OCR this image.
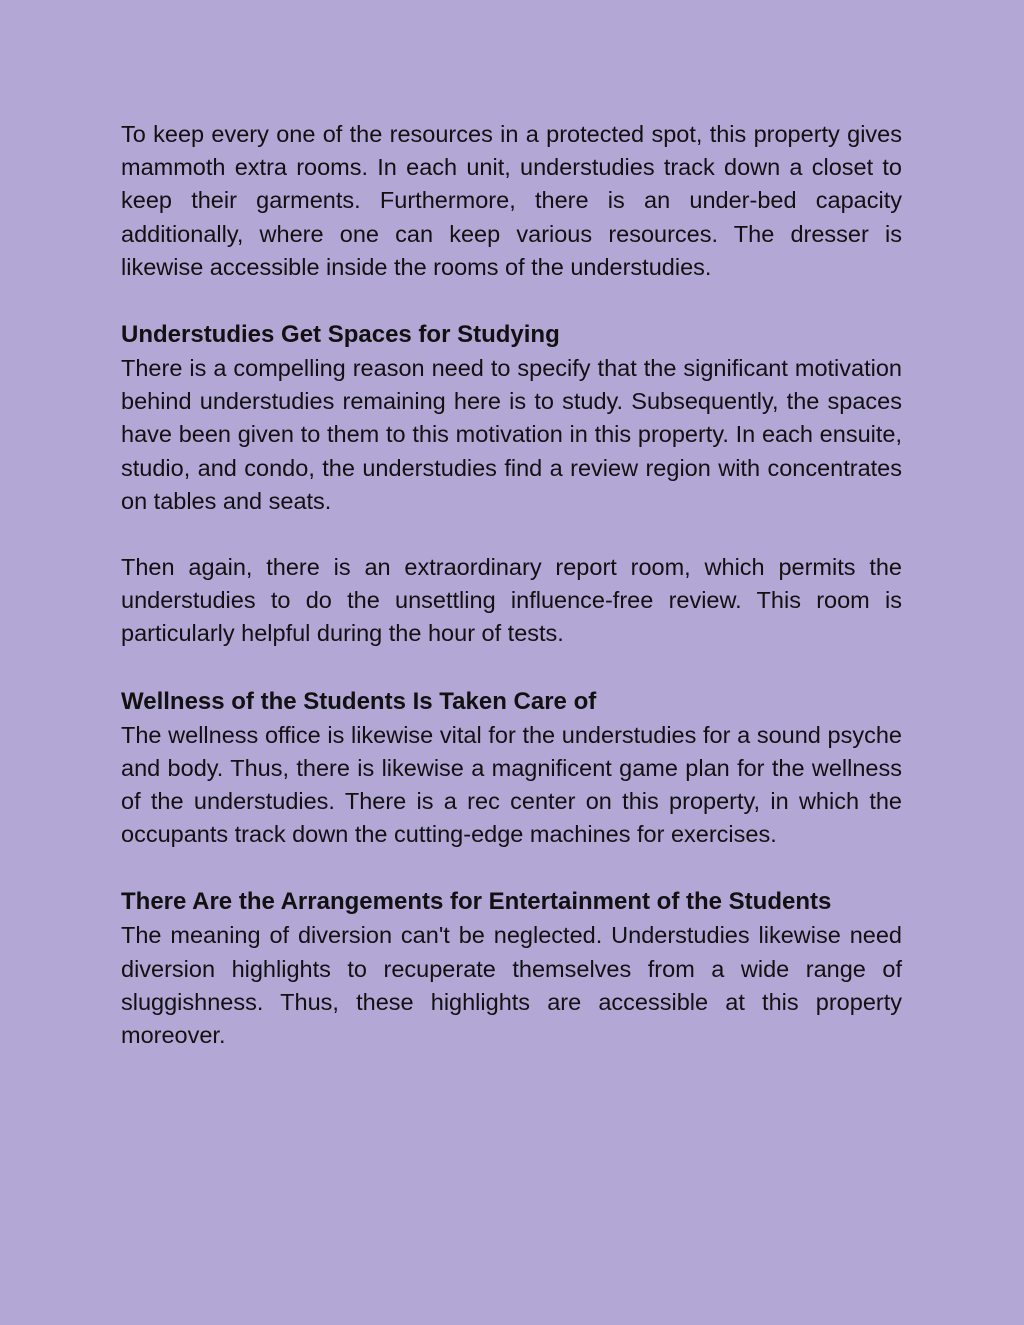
To keep every one of the resources in a protected spot, this property gives mammoth extra rooms. In each unit, understudies track down a closet to keep their garments. Furthermore, there is an under-bed capacity additionally, where one can keep various resources. The dresser is likewise accessible inside the rooms of the understudies.

Understudies Get Spaces for Studying

There is a compelling reason need to specify that the significant motivation behind understudies remaining here is to study. Subsequently, the spaces have been given to them to this motivation in this property. In each ensuite, studio, and condo, the understudies find a review region with concentrates on tables and seats.

Then again, there is an extraordinary report room, which permits the understudies to do the unsettling influence-free review. This room is particularly helpful during the hour of tests.

Wellness of the Students Is Taken Care of

The wellness office is likewise vital for the understudies for a sound psyche and body. Thus, there is likewise a magnificent game plan for the wellness of the understudies. There is a rec center on this property, in which the occupants track down the cutting-edge machines for exercises.

There Are the Arrangements for Entertainment of the Students

The meaning of diversion can't be neglected. Understudies likewise need diversion highlights to recuperate themselves from a wide range of sluggishness. Thus, these highlights are accessible at this property moreover.
